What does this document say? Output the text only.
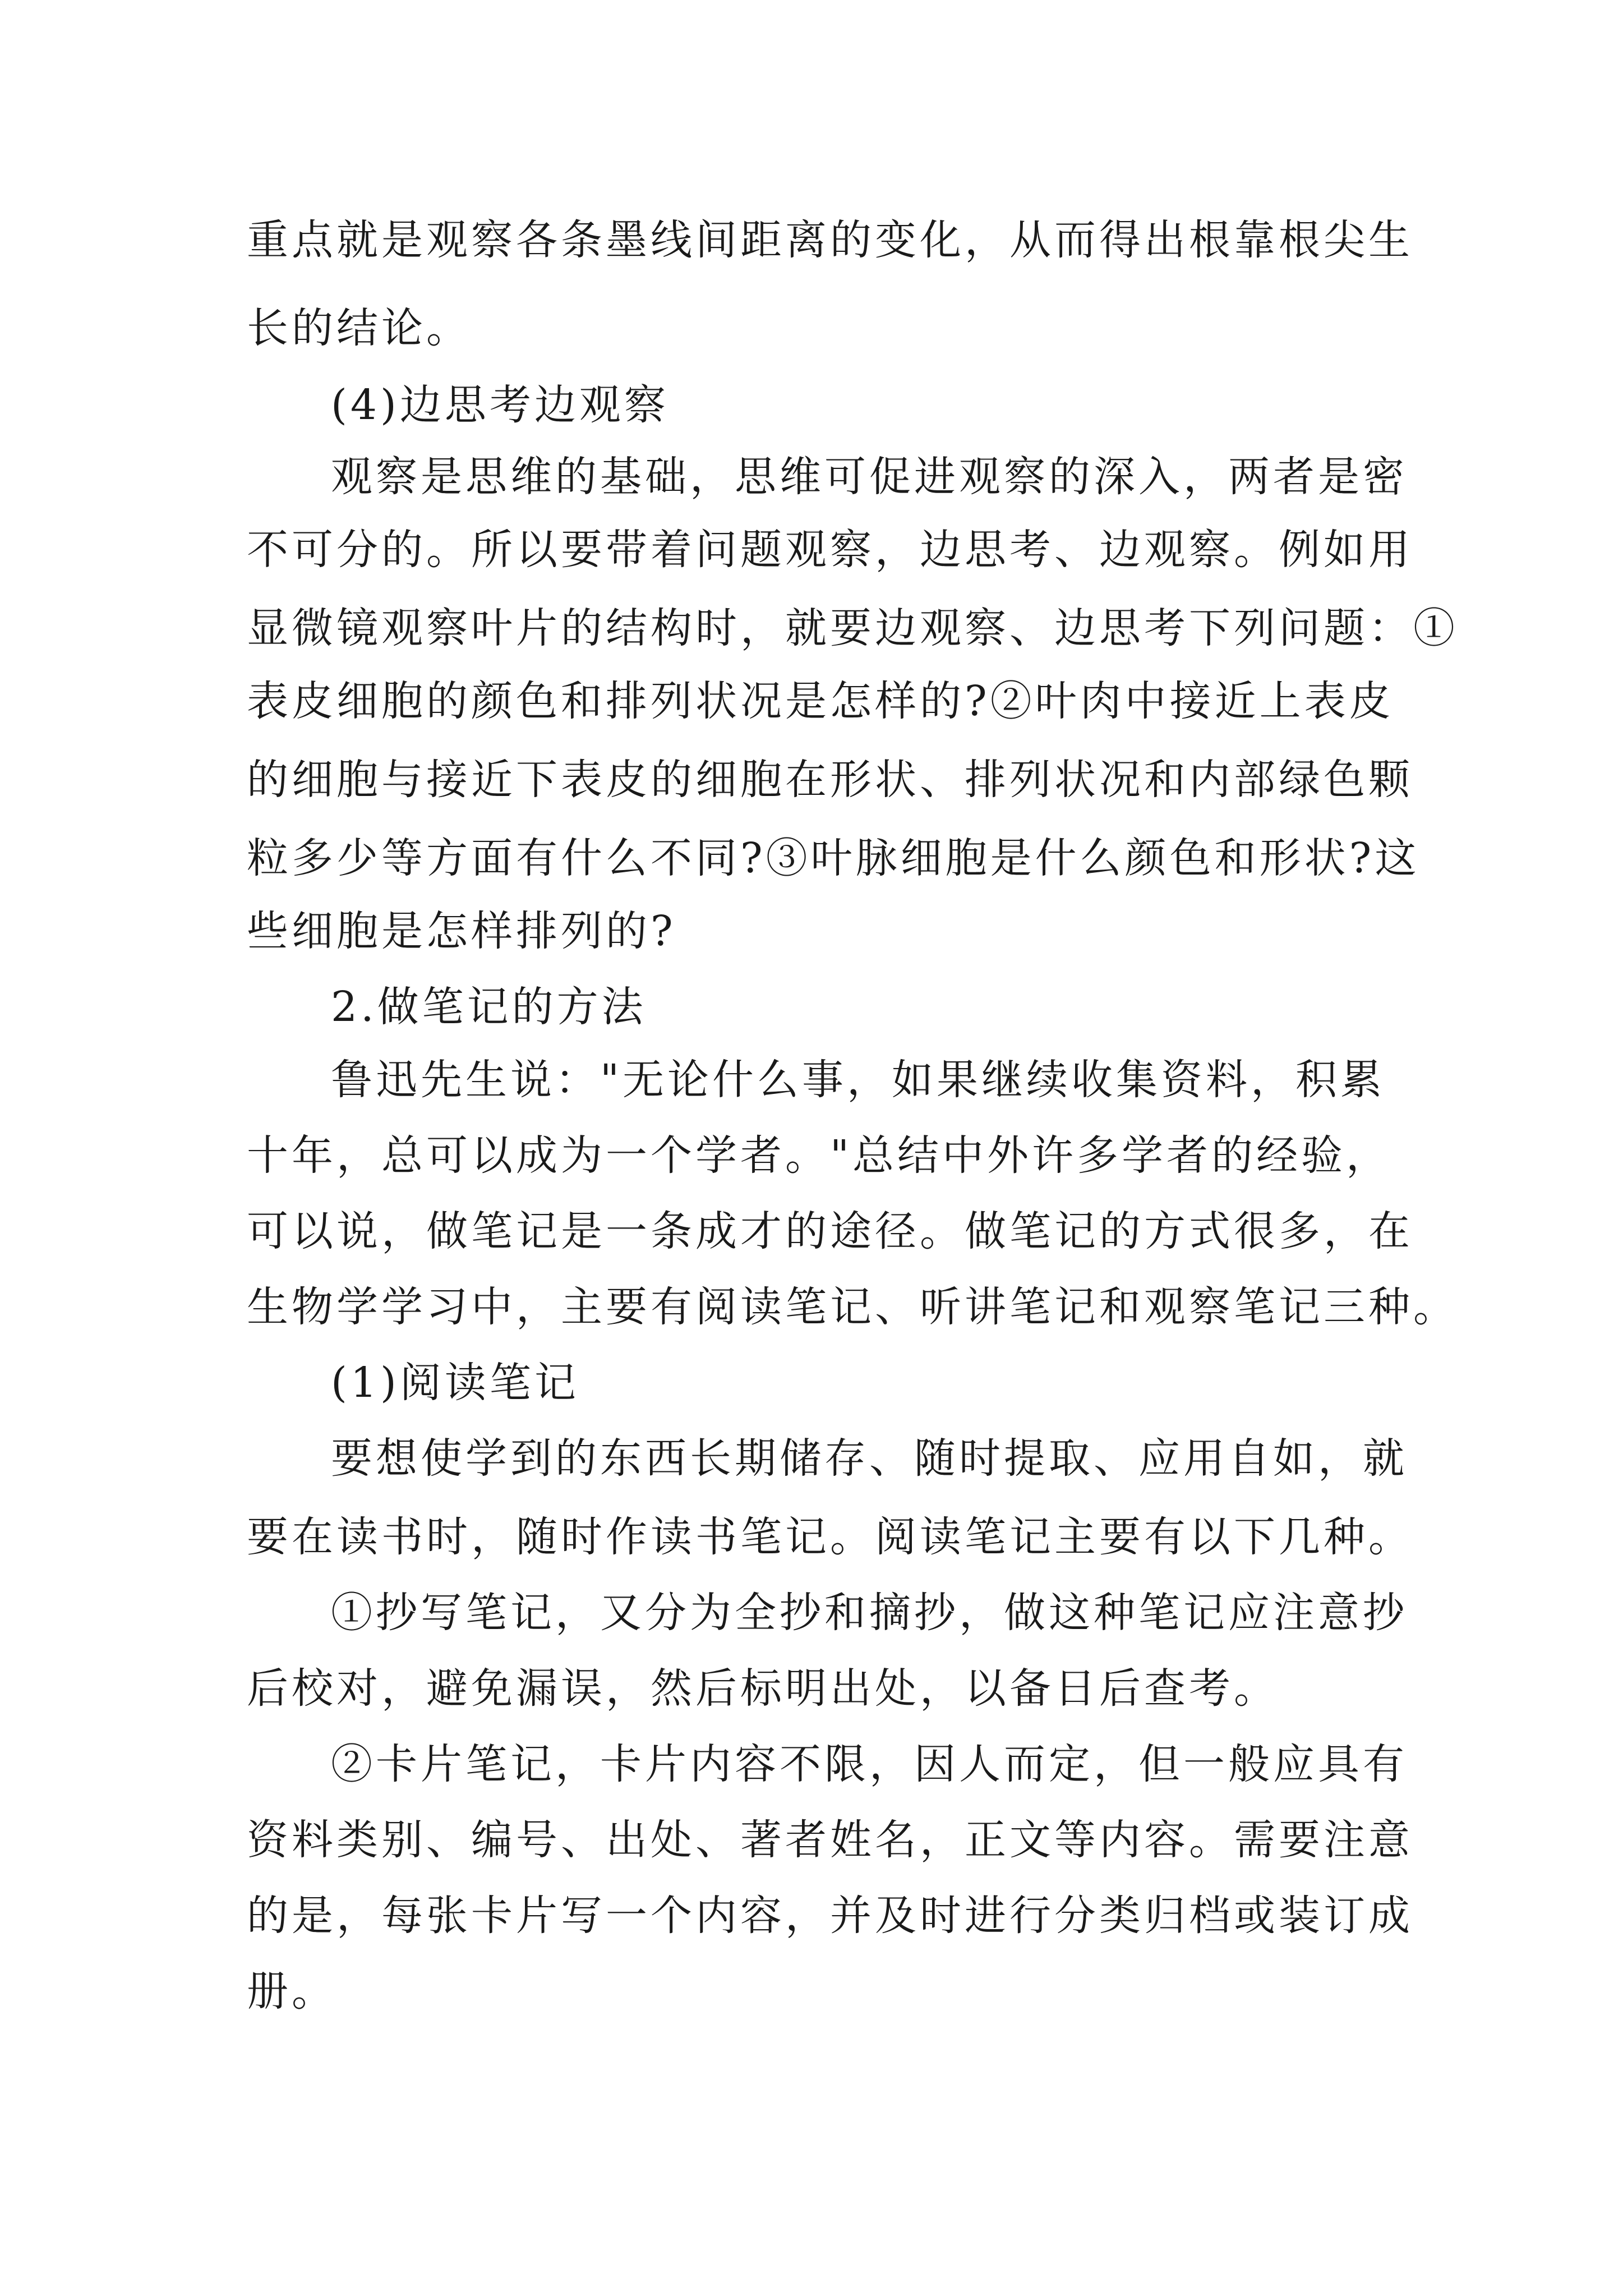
重点就是观察各条墨线间距离的变化，从而得出根靠根尖生
长的结论。
(4)边思考边观察
观察是思维的基础，思维可促进观察的深入，两者是密
不可分的。所以要带着问题观察，边思考、边观察。例如用
显微镜观察叶片的结构时，就要边观察、边思考下列问题：①
表皮细胞的颜色和排列状况是怎样的?②叶肉中接近上表皮
的细胞与接近下表皮的细胞在形状、排列状况和内部绿色颗
粒多少等方面有什么不同?③叶脉细胞是什么颜色和形状?这
些细胞是怎样排列的?
2.做笔记的方法
鲁迅先生说："无论什么事，如果继续收集资料，积累
十年，总可以成为一个学者。"总结中外许多学者的经验，
可以说，做笔记是一条成才的途径。做笔记的方式很多，在
生物学学习中，主要有阅读笔记、听讲笔记和观察笔记三种。
(1)阅读笔记
要想使学到的东西长期储存、随时提取、应用自如，就
要在读书时，随时作读书笔记。阅读笔记主要有以下几种。
①抄写笔记，又分为全抄和摘抄，做这种笔记应注意抄
后校对，避免漏误，然后标明出处，以备日后查考。
②卡片笔记，卡片内容不限，因人而定，但一般应具有
资料类别、编号、出处、著者姓名，正文等内容。需要注意
的是，每张卡片写一个内容，并及时进行分类归档或装订成
册。
